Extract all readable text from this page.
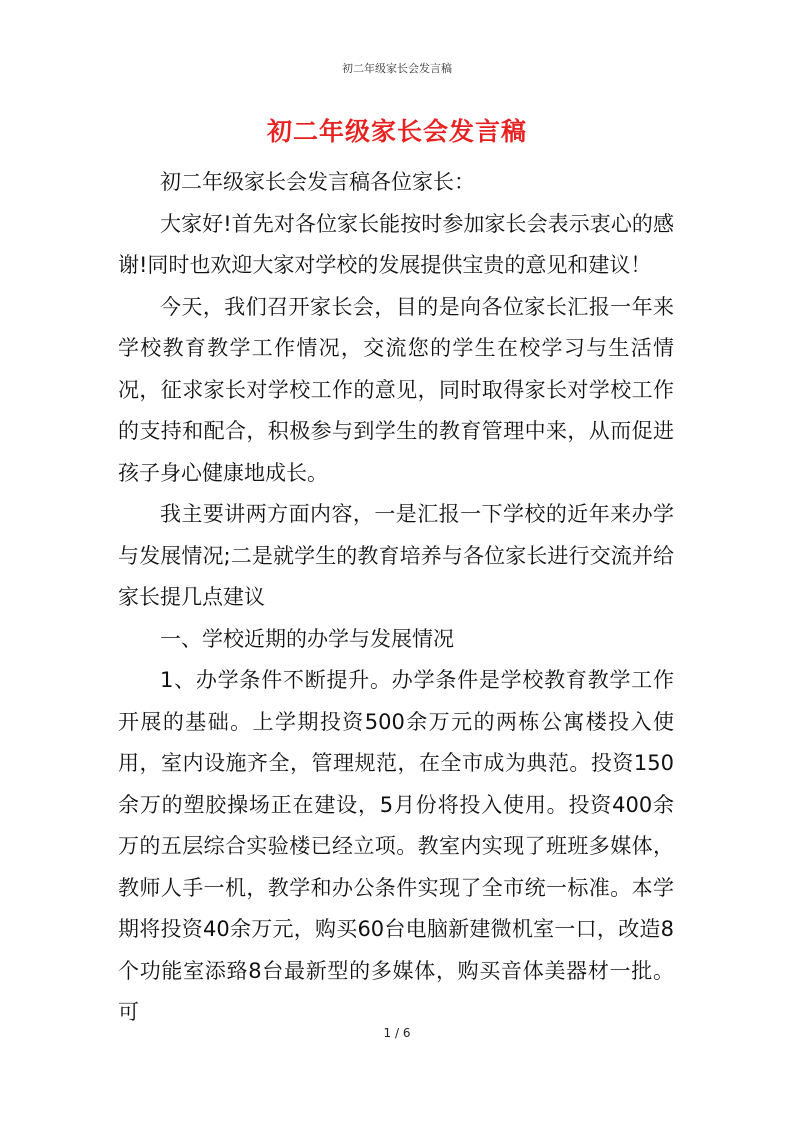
初二年级家长会发言稿
初二年级家长会发言稿

初二年级家长会发言稿各位家长：

大家好!首先对各位家长能按时参加家长会表示衷心的感谢!同时也欢迎大家对学校的发展提供宝贵的意见和建议！

今天，我们召开家长会，目的是向各位家长汇报一年来学校教育教学工作情况，交流您的学生在校学习与生活情况，征求家长对学校工作的意见，同时取得家长对学校工作的支持和配合，积极参与到学生的教育管理中来，从而促进孩子身心健康地成长。

我主要讲两方面内容，一是汇报一下学校的近年来办学与发展情况;二是就学生的教育培养与各位家长进行交流并给家长提几点建议

一、学校近期的办学与发展情况

1、办学条件不断提升。办学条件是学校教育教学工作开展的基础。上学期投资500余万元的两栋公寓楼投入使用，室内设施齐全，管理规范，在全市成为典范。投资150余万的塑胶操场正在建设，5月份将投入使用。投资400余万的五层综合实验楼已经立项。教室内实现了班班多媒体，教师人手一机，教学和办公条件实现了全市统一标准。本学期将投资40余万元，购买60台电脑新建微机室一口，改造8个功能室添臵8台最新型的多媒体，购买音体美器材一批。可

1 / 6
